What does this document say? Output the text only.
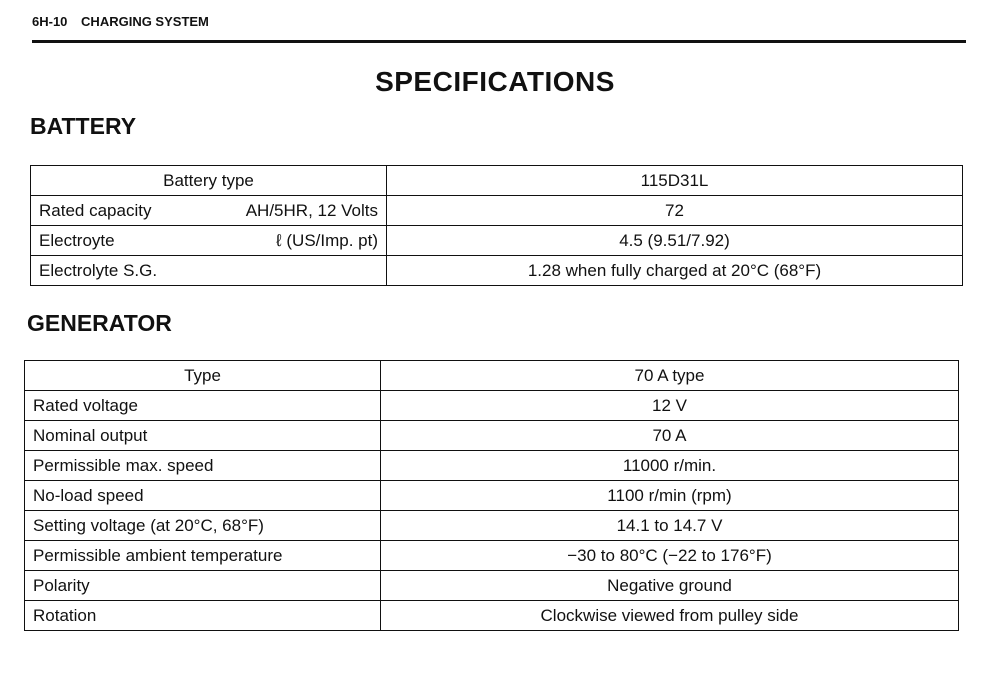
6H-10 CHARGING SYSTEM
SPECIFICATIONS
BATTERY
Battery type	115D31L

Rated capacity AH/5HR, 12 Volts	72

Electroyte ℓ (US/Imp. pt)	4.5 (9.51/7.92)

Electrolyte S.G.	1.28 when fully charged at 20°C (68°F)
GENERATOR
Type	70 A type
Rated voltage	12 V
Nominal output	70 A
Permissible max. speed	11000 r/min.
No-load speed	1100 r/min (rpm)
Setting voltage (at 20°C, 68°F)	14.1 to 14.7 V
Permissible ambient temperature	−30 to 80°C (−22 to 176°F)
Polarity	Negative ground
Rotation	Clockwise viewed from pulley side
